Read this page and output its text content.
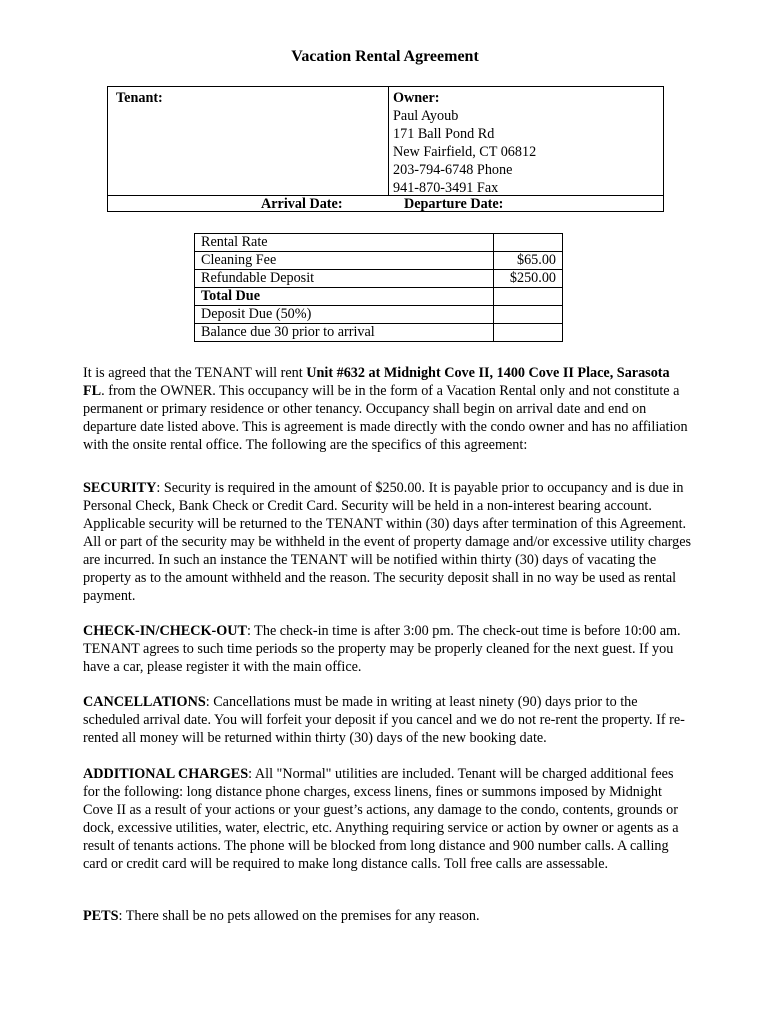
Vacation Rental Agreement
Tenant:	Owner:
Paul Ayoub
171 Ball Pond Rd
New Fairfield, CT 06812
203-794-6748 Phone
941-870-3491 Fax
Arrival Date:	Departure Date:
Rental Rate	
Cleaning Fee	$65.00
Refundable Deposit	$250.00
Total Due	
Deposit Due (50%)	
Balance due 30 prior to arrival	

It is agreed that the TENANT will rent Unit #632 at Midnight Cove II, 1400 Cove II Place, Sarasota FL. from the OWNER. This occupancy will be in the form of a Vacation Rental only and not constitute a permanent or primary residence or other tenancy. Occupancy shall begin on arrival date and end on departure date listed above. This is agreement is made directly with the condo owner and has no affiliation with the onsite rental office. The following are the specifics of this agreement:

SECURITY: Security is required in the amount of $250.00. It is payable prior to occupancy and is due in Personal Check, Bank Check or Credit Card. Security will be held in a non-interest bearing account. Applicable security will be returned to the TENANT within (30) days after termination of this Agreement. All or part of the security may be withheld in the event of property damage and/or excessive utility charges are incurred. In such an instance the TENANT will be notified within thirty (30) days of vacating the property as to the amount withheld and the reason. The security deposit shall in no way be used as rental payment.

CHECK-IN/CHECK-OUT: The check-in time is after 3:00 pm. The check-out time is before 10:00 am. TENANT agrees to such time periods so the property may be properly cleaned for the next guest. If you have a car, please register it with the main office.

CANCELLATIONS: Cancellations must be made in writing at least ninety (90) days prior to the scheduled arrival date. You will forfeit your deposit if you cancel and we do not re-rent the property. If re-rented all money will be returned within thirty (30) days of the new booking date.

ADDITIONAL CHARGES: All "Normal" utilities are included. Tenant will be charged additional fees for the following: long distance phone charges, excess linens, fines or summons imposed by Midnight Cove II as a result of your actions or your guest’s actions, any damage to the condo, contents, grounds or dock, excessive utilities, water, electric, etc. Anything requiring service or action by owner or agents as a result of tenants actions. The phone will be blocked from long distance and 900 number calls. A calling card or credit card will be required to make long distance calls. Toll free calls are assessable.

PETS: There shall be no pets allowed on the premises for any reason.
